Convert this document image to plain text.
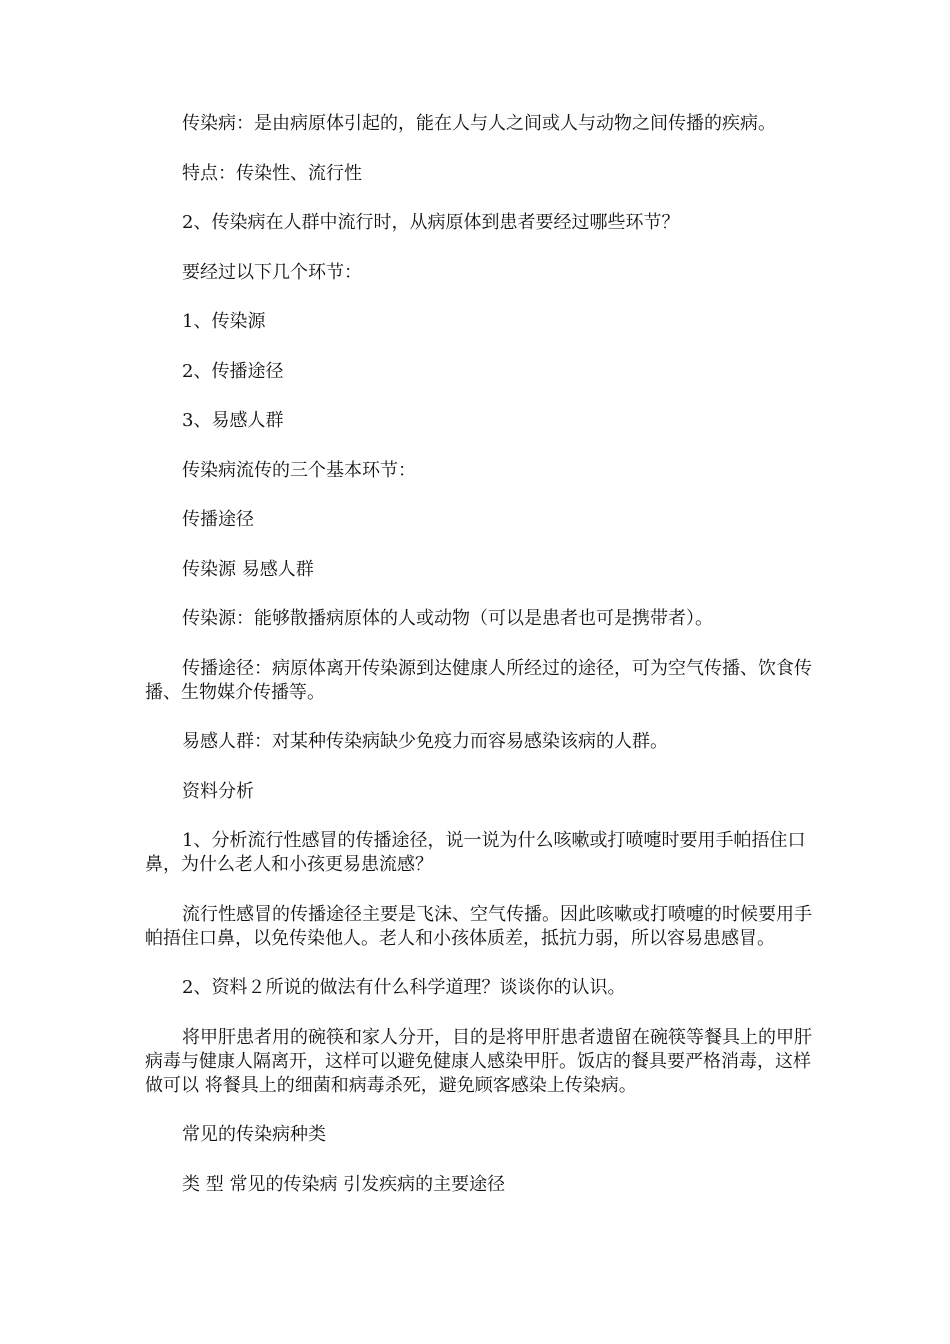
传染病：是由病原体引起的，能在人与人之间或人与动物之间传播的疾病。

特点：传染性、流行性

2、传染病在人群中流行时，从病原体到患者要经过哪些环节？

要经过以下几个环节：

1、传染源

2、传播途径

3、易感人群

传染病流传的三个基本环节：

传播途径

传染源 易感人群

传染源：能够散播病原体的人或动物（可以是患者也可是携带者）。

传播途径：病原体离开传染源到达健康人所经过的途径，可为空气传播、饮食传播、生物媒介传播等。

易感人群：对某种传染病缺少免疫力而容易感染该病的人群。

资料分析

1、分析流行性感冒的传播途径，说一说为什么咳嗽或打喷嚏时要用手帕捂住口鼻，为什么老人和小孩更易患流感？

流行性感冒的传播途径主要是飞沫、空气传播。因此咳嗽或打喷嚏的时候要用手帕捂住口鼻，以免传染他人。老人和小孩体质差，抵抗力弱，所以容易患感冒。

2、资料２所说的做法有什么科学道理？谈谈你的认识。

将甲肝患者用的碗筷和家人分开，目的是将甲肝患者遗留在碗筷等餐具上的甲肝病毒与健康人隔离开，这样可以避免健康人感染甲肝。饭店的餐具要严格消毒，这样做可以 将餐具上的细菌和病毒杀死，避免顾客感染上传染病。

常见的传染病种类

类 型 常见的传染病 引发疾病的主要途径
